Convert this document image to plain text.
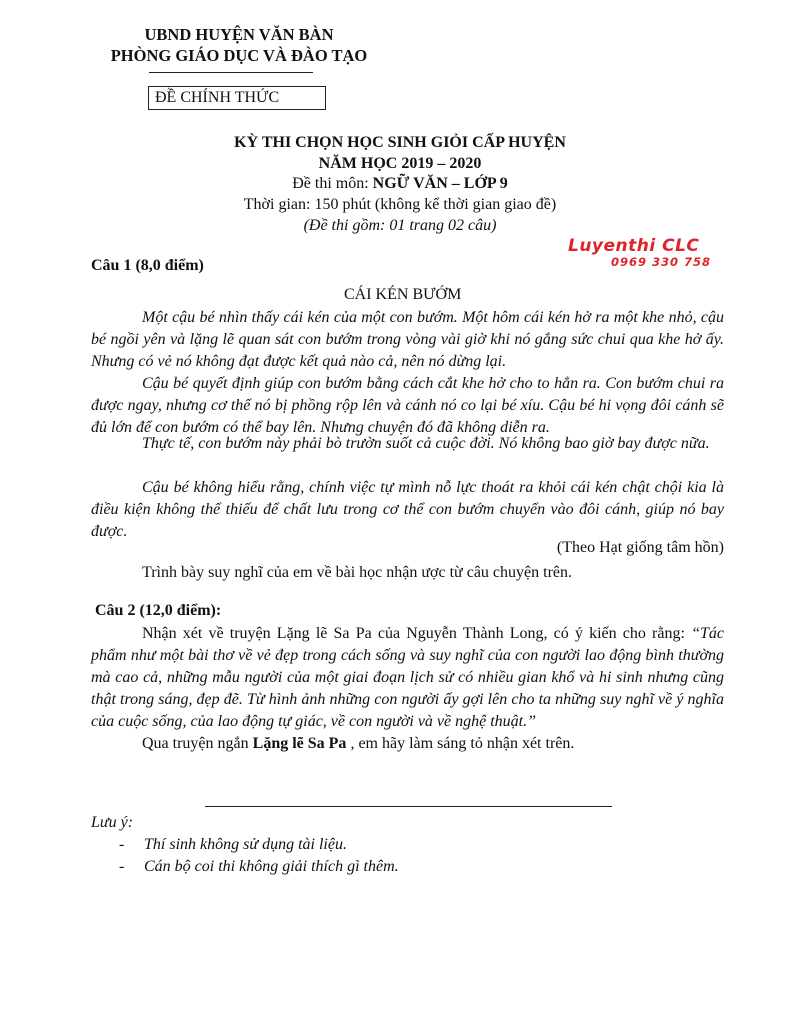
UBND HUYỆN VĂN BÀN
PHÒNG GIÁO DỤC VÀ ĐÀO TẠO
ĐỀ CHÍNH THỨC
KỲ THI CHỌN HỌC SINH GIỎI CẤP HUYỆN
NĂM HỌC 2019 – 2020
Đề thi môn: NGỮ VĂN – LỚP 9
Thời gian: 150 phút (không kể thời gian giao đề)
(Đề thi gồm: 01 trang 02 câu)
Luyenthi CLC
0969 330 758
Câu 1 (8,0 điểm)
CÁI KÉN BƯỚM
Một cậu bé nhìn thấy cái kén của một con bướm. Một hôm cái kén hở ra một khe nhỏ, cậu bé ngồi yên và lặng lẽ quan sát con bướm trong vòng vài giờ khi nó gắng sức chui qua khe hở ấy. Nhưng có vẻ nó không đạt được kết quả nào cả, nên nó dừng lại.
Cậu bé quyết định giúp con bướm bằng cách cắt khe hở cho to hẳn ra. Con bướm chui ra được ngay, nhưng cơ thể nó bị phồng rộp lên và cánh nó co lại bé xíu. Cậu bé hi vọng đôi cánh sẽ đủ lớn để con bướm có thể bay lên. Nhưng chuyện đó đã không diễn ra.
Thực tế, con bướm này phải bò trườn suốt cả cuộc đời. Nó không bao giờ bay được nữa.
Cậu bé không hiểu rằng, chính việc tự mình nỗ lực thoát ra khỏi cái kén chật chội kia là điều kiện không thể thiếu để chất lưu trong cơ thể con bướm chuyển vào đôi cánh, giúp nó bay được.
(Theo Hạt giống tâm hồn)
Trình bày suy nghĩ của em về bài học nhận ược từ câu chuyện trên.
Câu 2 (12,0 điểm):
Nhận xét về truyện Lặng lẽ Sa Pa của Nguyễn Thành Long, có ý kiến cho rằng: “Tác phẩm như một bài thơ về vẻ đẹp trong cách sống và suy nghĩ của con người lao động bình thường mà cao cả, những mẫu người của một giai đoạn lịch sử có nhiều gian khổ và hi sinh nhưng cũng thật trong sáng, đẹp đẽ. Từ hình ảnh những con người ấy gợi lên cho ta những suy nghĩ về ý nghĩa của cuộc sống, của lao động tự giác, về con người và về nghệ thuật.”
Qua truyện ngắn Lặng lẽ Sa Pa , em hãy làm sáng tỏ nhận xét trên.
Lưu ý:
- Thí sinh không sử dụng tài liệu.
- Cán bộ coi thi không giải thích gì thêm.
